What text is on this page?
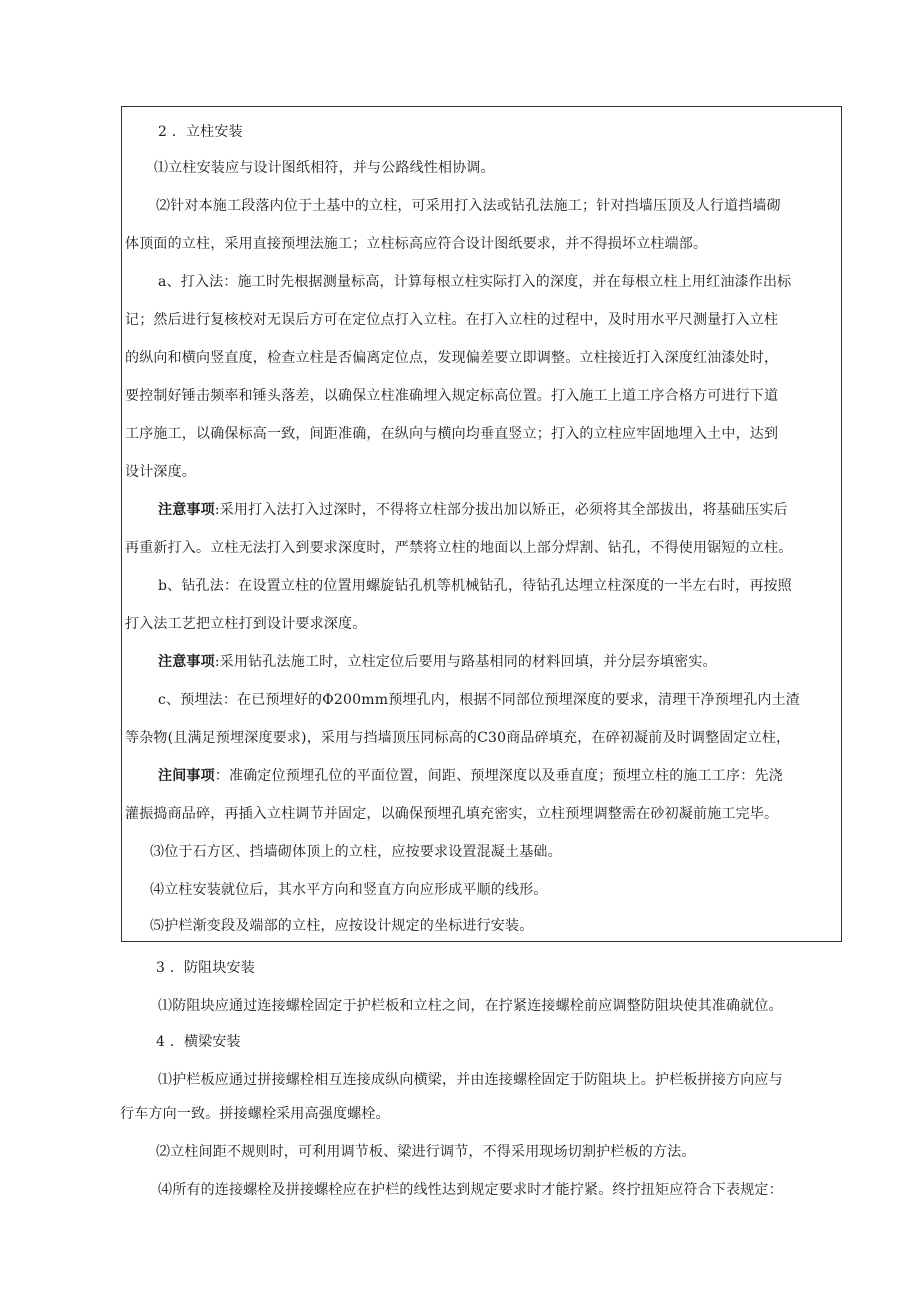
2 ．立柱安装

⑴立柱安装应与设计图纸相符，并与公路线性相协调。

⑵针对本施工段落内位于土基中的立柱，可采用打入法或钻孔法施工；针对挡墙压顶及人行道挡墙砌

体顶面的立柱，采用直接预埋法施工；立柱标高应符合设计图纸要求，并不得损坏立柱端部。

a、打入法：施工时先根据测量标高，计算每根立柱实际打入的深度，并在每根立柱上用红油漆作出标

记；然后进行复核校对无误后方可在定位点打入立柱。在打入立柱的过程中，及时用水平尺测量打入立柱

的纵向和横向竖直度，检查立柱是否偏离定位点，发现偏差要立即调整。立柱接近打入深度红油漆处时，

要控制好锤击频率和锤头落差，以确保立柱准确埋入规定标高位置。打入施工上道工序合格方可进行下道

工序施工，以确保标高一致，间距准确，在纵向与横向均垂直竖立；打入的立柱应牢固地埋入土中，达到

设计深度。

注意事项:采用打入法打入过深时，不得将立柱部分拔出加以矫正，必须将其全部拔出，将基础压实后

再重新打入。立柱无法打入到要求深度时，严禁将立柱的地面以上部分焊割、钻孔，不得使用锯短的立柱。

b、钻孔法：在设置立柱的位置用螺旋钻孔机等机械钻孔，待钻孔达埋立柱深度的一半左右时，再按照

打入法工艺把立柱打到设计要求深度。

注意事项:采用钻孔法施工时，立柱定位后要用与路基相同的材料回填，并分层夯填密实。

c、预埋法：在已预埋好的Φ200mm预埋孔内，根据不同部位预埋深度的要求，清理干净预埋孔内土渣

等杂物(且满足预埋深度要求)，采用与挡墙顶压同标高的C30商品碎填充，在碎初凝前及时调整固定立柱，

注间事项：准确定位预埋孔位的平面位置，间距、预埋深度以及垂直度；预埋立柱的施工工序：先浇

灌振捣商品碎，再插入立柱调节并固定，以确保预埋孔填充密实，立柱预埋调整需在砂初凝前施工完毕。

⑶位于石方区、挡墙砌体顶上的立柱，应按要求设置混凝土基础。

⑷立柱安装就位后，其水平方向和竖直方向应形成平顺的线形。

⑸护栏渐变段及端部的立柱，应按设计规定的坐标进行安装。

3 ．防阻块安装

⑴防阻块应通过连接螺栓固定于护栏板和立柱之间，在拧紧连接螺栓前应调整防阻块使其准确就位。

4 ．横梁安装

⑴护栏板应通过拼接螺栓相互连接成纵向横梁，并由连接螺栓固定于防阻块上。护栏板拼接方向应与

行车方向一致。拼接螺栓采用高强度螺栓。

⑵立柱间距不规则时，可利用调节板、梁进行调节，不得采用现场切割护栏板的方法。

⑷所有的连接螺栓及拼接螺栓应在护栏的线性达到规定要求时才能拧紧。终拧扭矩应符合下表规定：
